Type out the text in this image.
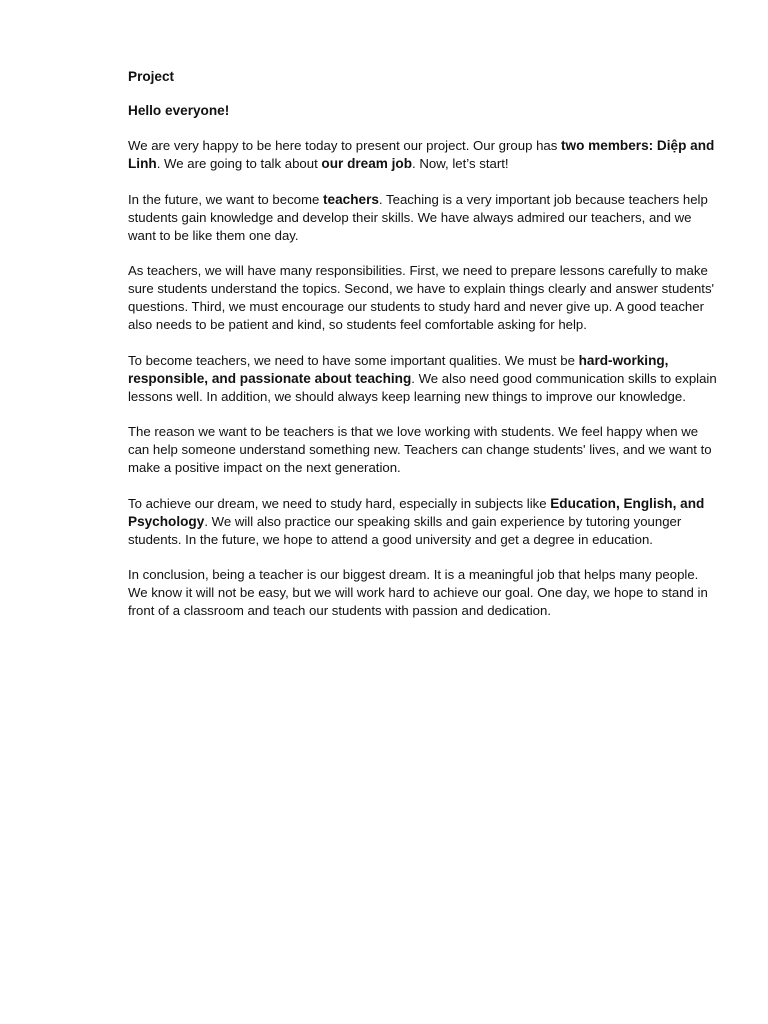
Project
Hello everyone!

We are very happy to be here today to present our project. Our group has two members: Diệp and Linh. We are going to talk about our dream job. Now, let’s start!

In the future, we want to become teachers. Teaching is a very important job because teachers help students gain knowledge and develop their skills. We have always admired our teachers, and we want to be like them one day.

As teachers, we will have many responsibilities. First, we need to prepare lessons carefully to make sure students understand the topics. Second, we have to explain things clearly and answer students' questions. Third, we must encourage our students to study hard and never give up. A good teacher also needs to be patient and kind, so students feel comfortable asking for help.

To become teachers, we need to have some important qualities. We must be hard-working, responsible, and passionate about teaching. We also need good communication skills to explain lessons well. In addition, we should always keep learning new things to improve our knowledge.

The reason we want to be teachers is that we love working with students. We feel happy when we can help someone understand something new. Teachers can change students' lives, and we want to make a positive impact on the next generation.

To achieve our dream, we need to study hard, especially in subjects like Education, English, and Psychology. We will also practice our speaking skills and gain experience by tutoring younger students. In the future, we hope to attend a good university and get a degree in education.

In conclusion, being a teacher is our biggest dream. It is a meaningful job that helps many people. We know it will not be easy, but we will work hard to achieve our goal. One day, we hope to stand in front of a classroom and teach our students with passion and dedication.
